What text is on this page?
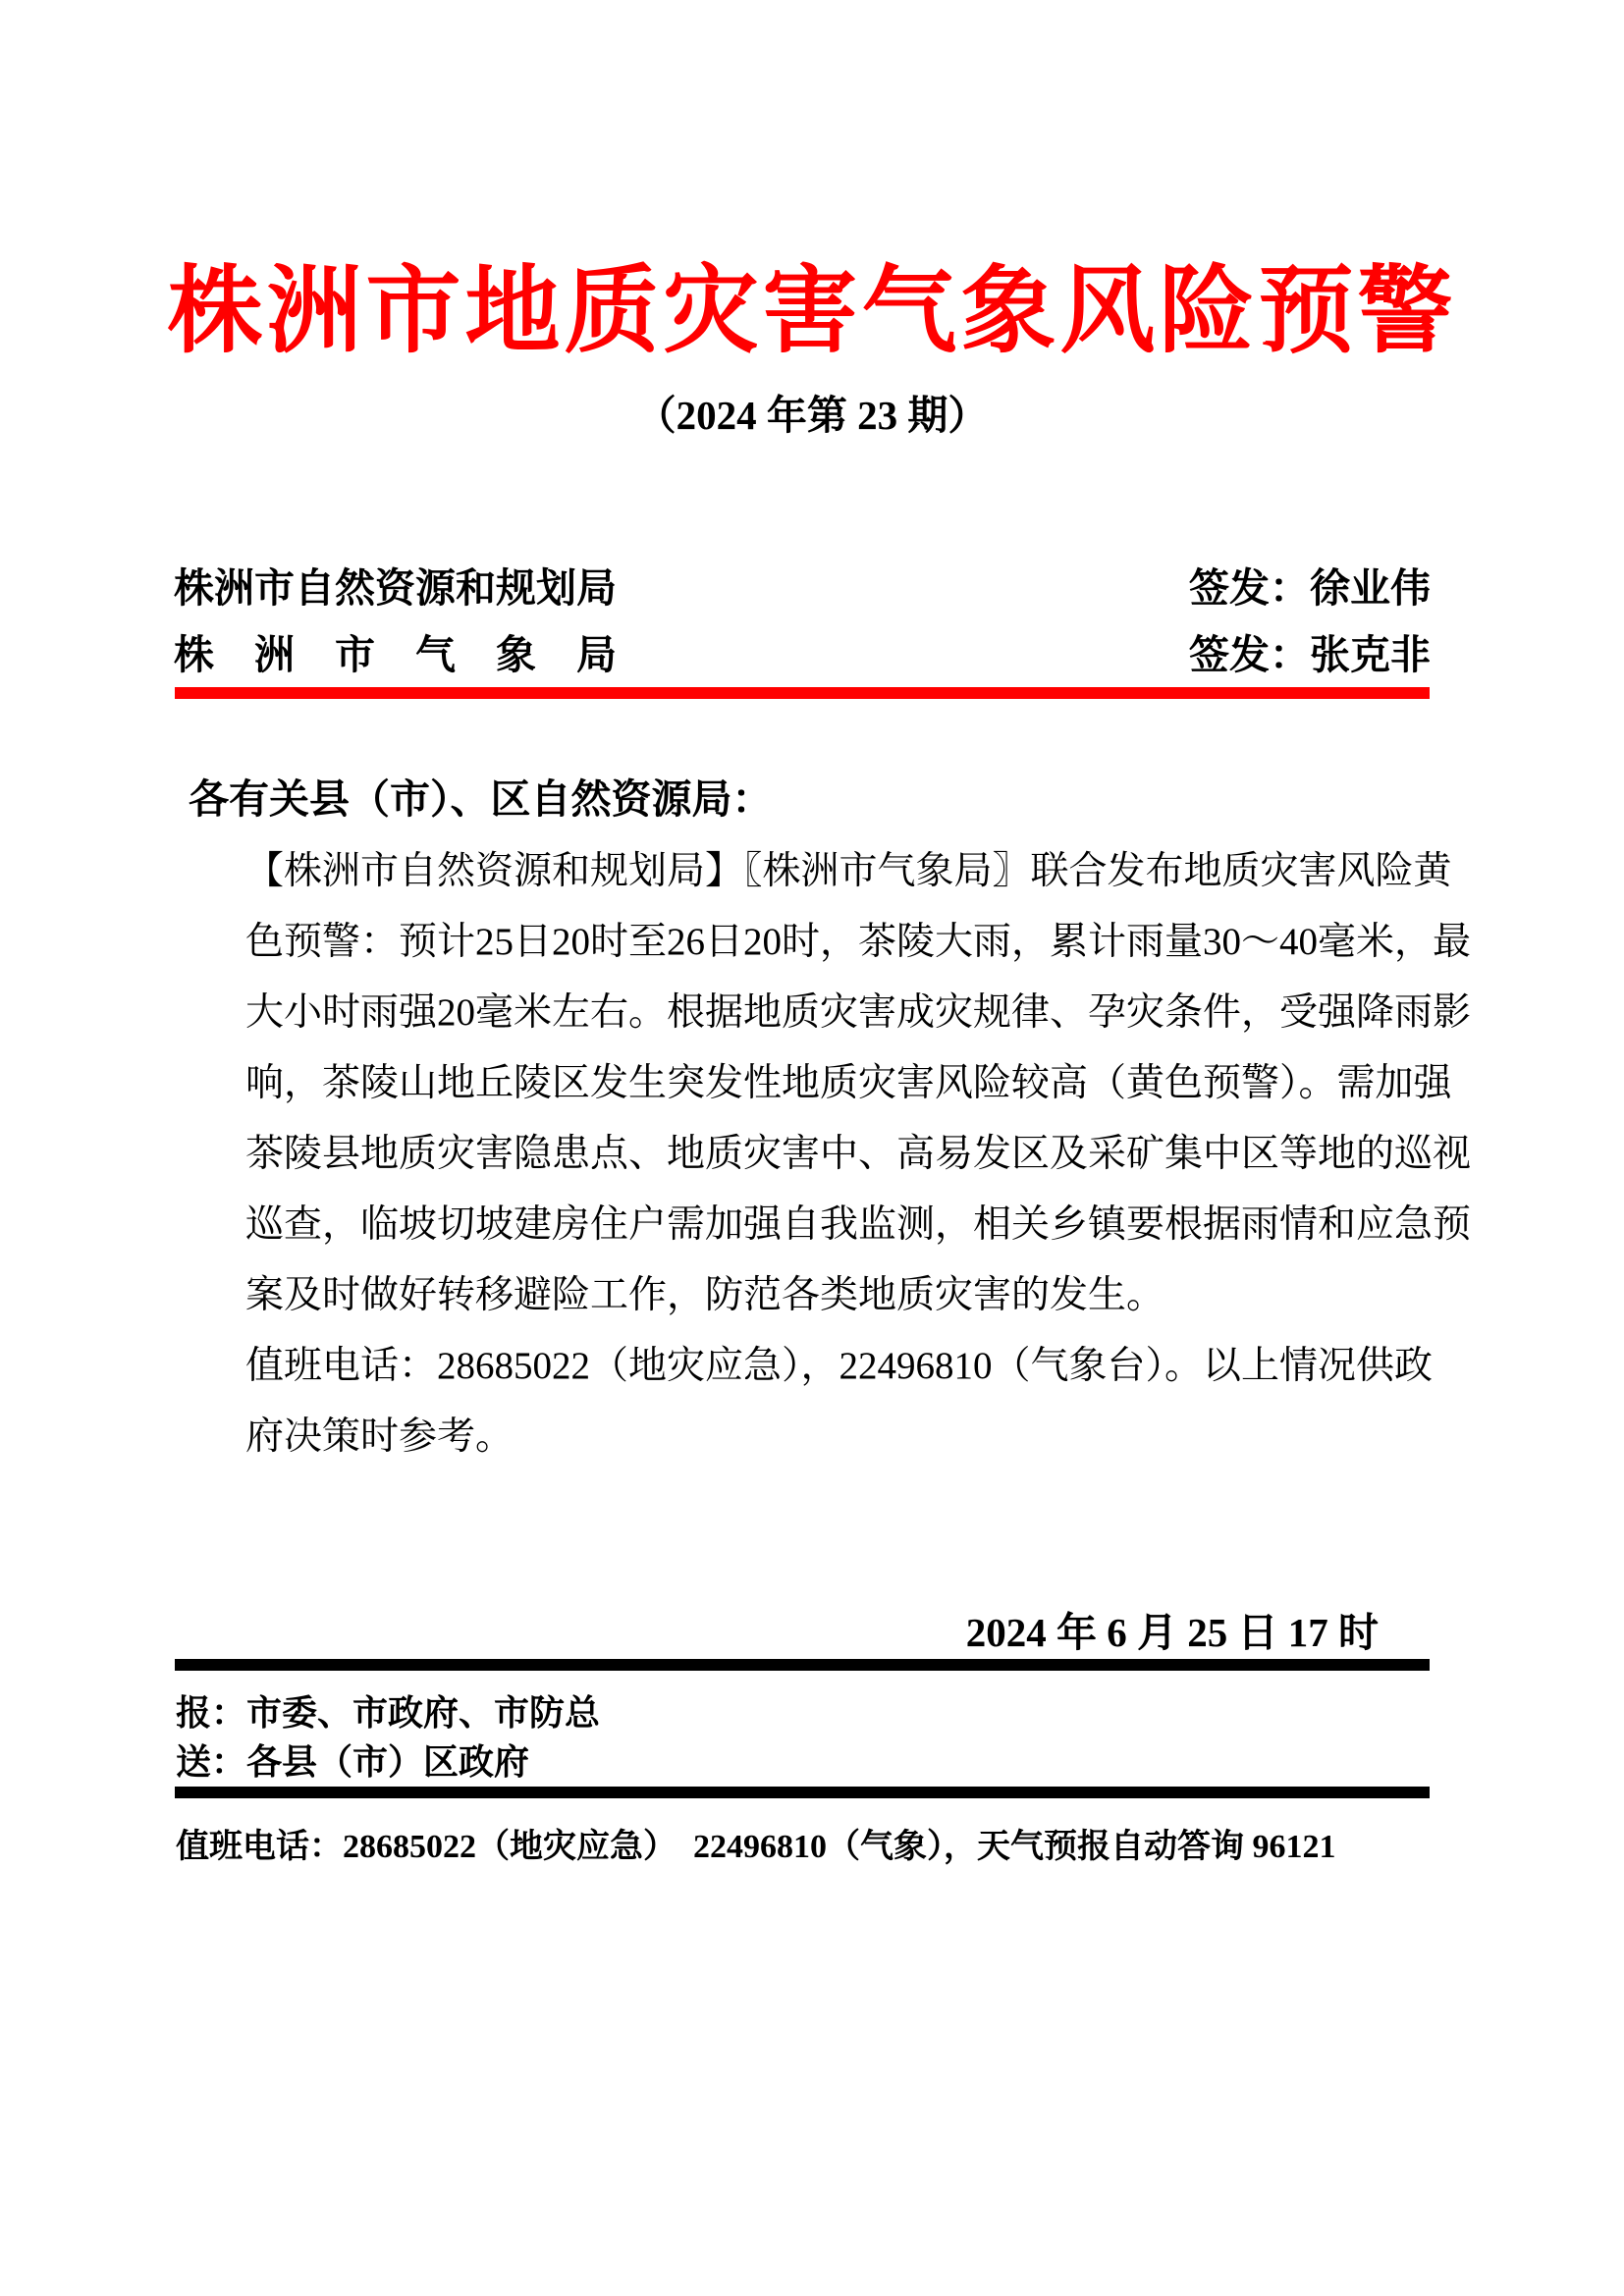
株洲市地质灾害气象风险预警
（2024 年第 23 期）
株洲市自然资源和规划局	签发：徐业伟
株　洲　市　气　象　局	签发：张克非
各有关县（市）、区自然资源局：
【株洲市自然资源和规划局】〖株洲市气象局〗联合发布地质灾害风险黄
色预警：预计25日20时至26日20时，茶陵大雨，累计雨量30～40毫米，最
大小时雨强20毫米左右。根据地质灾害成灾规律、孕灾条件，受强降雨影
响，茶陵山地丘陵区发生突发性地质灾害风险较高（黄色预警）。需加强
茶陵县地质灾害隐患点、地质灾害中、高易发区及采矿集中区等地的巡视
巡查，临坡切坡建房住户需加强自我监测，相关乡镇要根据雨情和应急预
案及时做好转移避险工作，防范各类地质灾害的发生。
值班电话：28685022（地灾应急），22496810（气象台）。以上情况供政
府决策时参考。
2024 年 6 月 25 日 17 时
报：市委、市政府、市防总
送：各县（市）区政府
值班电话：28685022（地灾应急）　22496810（气象），天气预报自动答询 96121
